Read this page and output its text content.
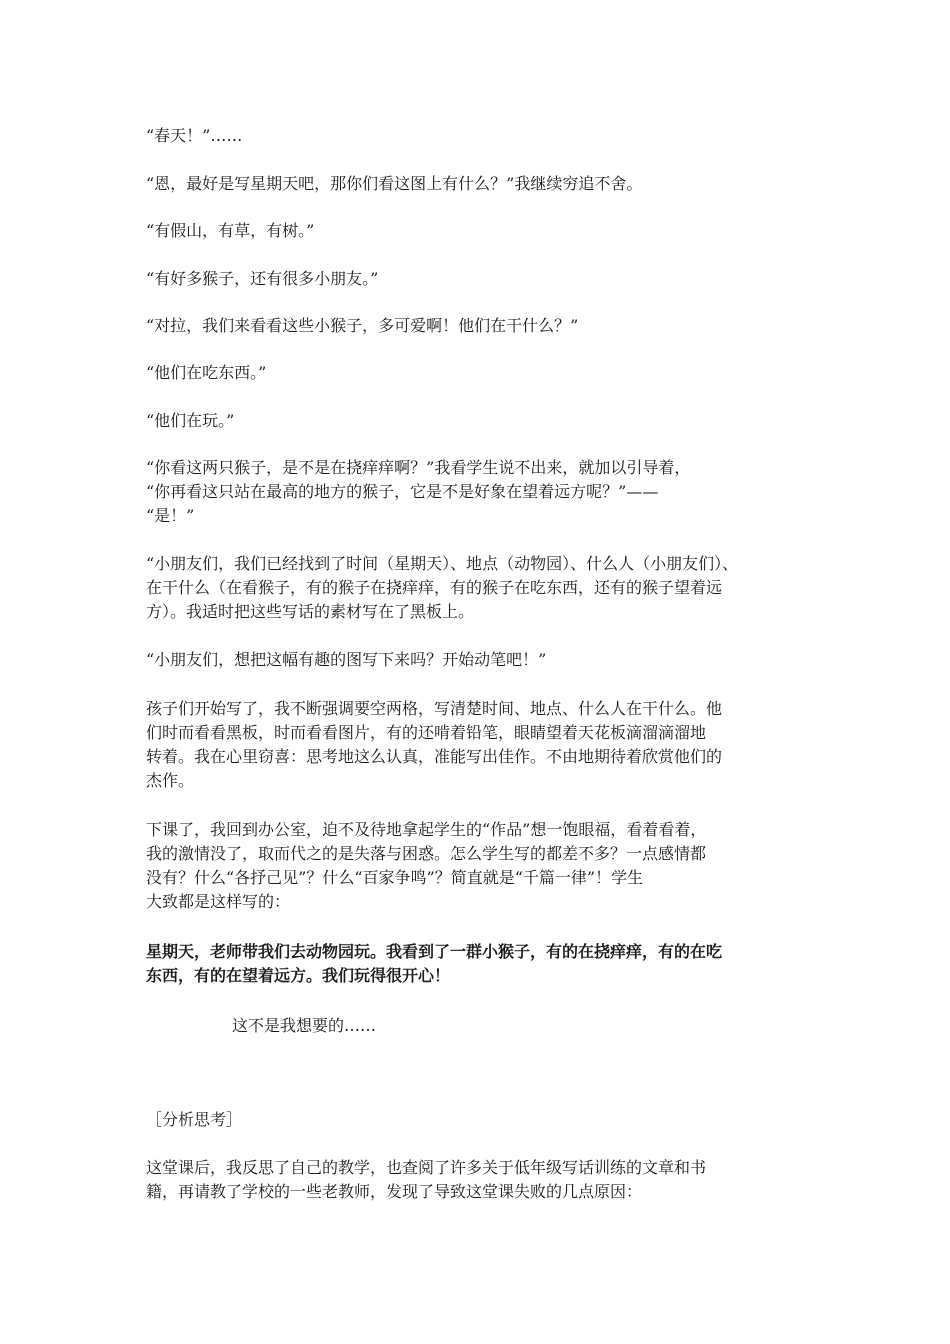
“春天！”……

“恩，最好是写星期天吧，那你们看这图上有什么？”我继续穷追不舍。

“有假山，有草，有树。”

“有好多猴子，还有很多小朋友。”

“对拉，我们来看看这些小猴子，多可爱啊！他们在干什么？”

“他们在吃东西。”

“他们在玩。”

“你看这两只猴子，是不是在挠痒痒啊？”我看学生说不出来，就加以引导着，
“你再看这只站在最高的地方的猴子，它是不是好象在望着远方呢？”——
“是！”

“小朋友们，我们已经找到了时间（星期天）、地点（动物园）、什么人（小朋友们）、
在干什么（在看猴子，有的猴子在挠痒痒，有的猴子在吃东西，还有的猴子望着远
方）。我适时把这些写话的素材写在了黑板上。

“小朋友们，想把这幅有趣的图写下来吗？开始动笔吧！”

孩子们开始写了，我不断强调要空两格，写清楚时间、地点、什么人在干什么。他
们时而看看黑板，时而看看图片，有的还啃着铅笔，眼睛望着天花板滴溜滴溜地
转着。我在心里窃喜：思考地这么认真，准能写出佳作。不由地期待着欣赏他们的
杰作。

下课了，我回到办公室，迫不及待地拿起学生的“作品”想一饱眼福，看着看着，
我的激情没了，取而代之的是失落与困惑。怎么学生写的都差不多？一点感情都
没有？什么“各抒己见”？什么“百家争鸣”？简直就是“千篇一律”！学生
大致都是这样写的：

星期天，老师带我们去动物园玩。我看到了一群小猴子，有的在挠痒痒，有的在吃
东西，有的在望着远方。我们玩得很开心！

这不是我想要的……

［分析思考］

这堂课后，我反思了自己的教学，也查阅了许多关于低年级写话训练的文章和书
籍，再请教了学校的一些老教师，发现了导致这堂课失败的几点原因：
